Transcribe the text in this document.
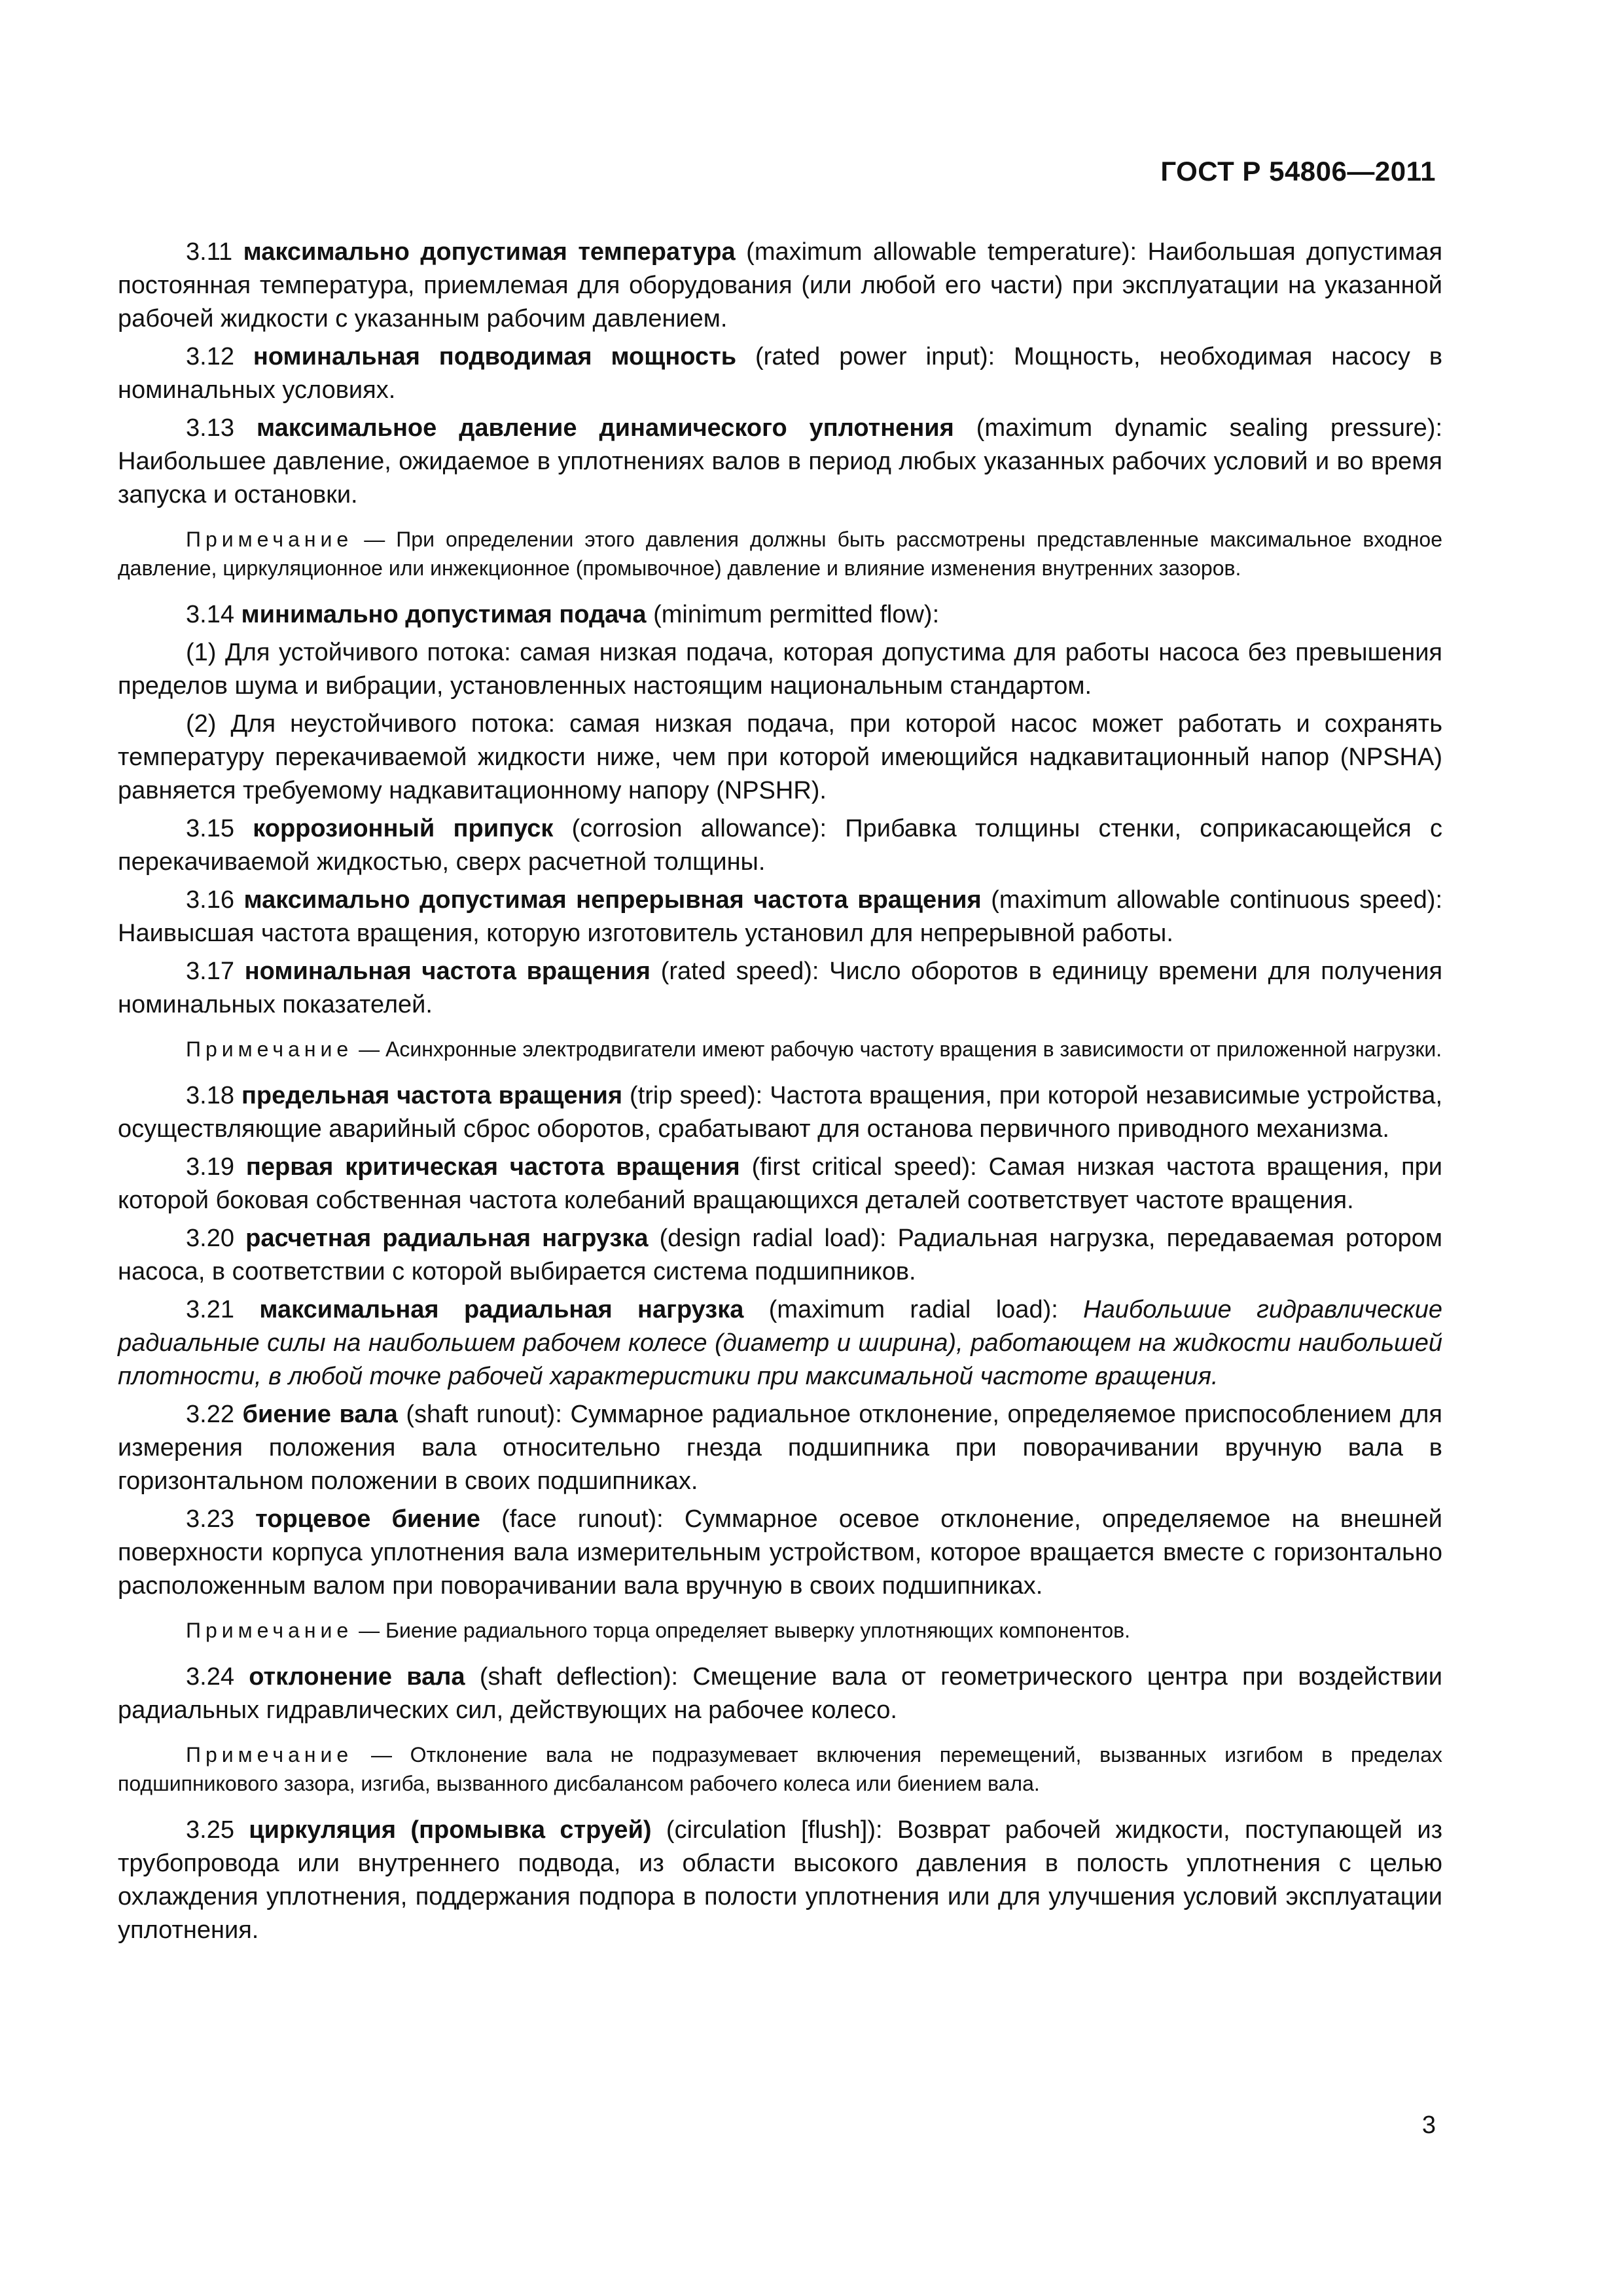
ГОСТ Р 54806—2011

3.11 максимально допустимая температура (maximum allowable temperature): Наибольшая допустимая постоянная температура, приемлемая для оборудования (или любой его части) при эксплуатации на указанной рабочей жидкости с указанным рабочим давлением.

3.12 номинальная подводимая мощность (rated power input): Мощность, необходимая насосу в номинальных условиях.

3.13 максимальное давление динамического уплотнения (maximum dynamic sealing pressure): Наибольшее давление, ожидаемое в уплотнениях валов в период любых указанных рабочих условий и во время запуска и остановки.

Примечание — При определении этого давления должны быть рассмотрены представленные максимальное входное давление, циркуляционное или инжекционное (промывочное) давление и влияние изменения внутренних зазоров.

3.14 минимально допустимая подача (minimum permitted flow):

(1) Для устойчивого потока: самая низкая подача, которая допустима для работы насоса без превышения пределов шума и вибрации, установленных настоящим национальным стандартом.

(2) Для неустойчивого потока: самая низкая подача, при которой насос может работать и сохранять температуру перекачиваемой жидкости ниже, чем при которой имеющийся надкавитационный напор (NPSHA) равняется требуемому надкавитационному напору (NPSHR).

3.15 коррозионный припуск (corrosion allowance): Прибавка толщины стенки, соприкасающейся с перекачиваемой жидкостью, сверх расчетной толщины.

3.16 максимально допустимая непрерывная частота вращения (maximum allowable continuous speed): Наивысшая частота вращения, которую изготовитель установил для непрерывной работы.

3.17 номинальная частота вращения (rated speed): Число оборотов в единицу времени для получения номинальных показателей.

Примечание — Асинхронные электродвигатели имеют рабочую частоту вращения в зависимости от приложенной нагрузки.

3.18 предельная частота вращения (trip speed): Частота вращения, при которой независимые устройства, осуществляющие аварийный сброс оборотов, срабатывают для останова первичного приводного механизма.

3.19 первая критическая частота вращения (first critical speed): Самая низкая частота вращения, при которой боковая собственная частота колебаний вращающихся деталей соответствует частоте вращения.

3.20 расчетная радиальная нагрузка (design radial load): Радиальная нагрузка, передаваемая ротором насоса, в соответствии с которой выбирается система подшипников.

3.21 максимальная радиальная нагрузка (maximum radial load): Наибольшие гидравлические радиальные силы на наибольшем рабочем колесе (диаметр и ширина), работающем на жидкости наибольшей плотности, в любой точке рабочей характеристики при максимальной частоте вращения.

3.22 биение вала (shaft runout): Суммарное радиальное отклонение, определяемое приспособлением для измерения положения вала относительно гнезда подшипника при поворачивании вручную вала в горизонтальном положении в своих подшипниках.

3.23 торцевое биение (face runout): Суммарное осевое отклонение, определяемое на внешней поверхности корпуса уплотнения вала измерительным устройством, которое вращается вместе с горизонтально расположенным валом при поворачивании вала вручную в своих подшипниках.

Примечание — Биение радиального торца определяет выверку уплотняющих компонентов.

3.24 отклонение вала (shaft deflection): Смещение вала от геометрического центра при воздействии радиальных гидравлических сил, действующих на рабочее колесо.

Примечание — Отклонение вала не подразумевает включения перемещений, вызванных изгибом в пределах подшипникового зазора, изгиба, вызванного дисбалансом рабочего колеса или биением вала.

3.25 циркуляция (промывка струей) (circulation [flush]): Возврат рабочей жидкости, поступающей из трубопровода или внутреннего подвода, из области высокого давления в полость уплотнения с целью охлаждения уплотнения, поддержания подпора в полости уплотнения или для улучшения условий эксплуатации уплотнения.

3
